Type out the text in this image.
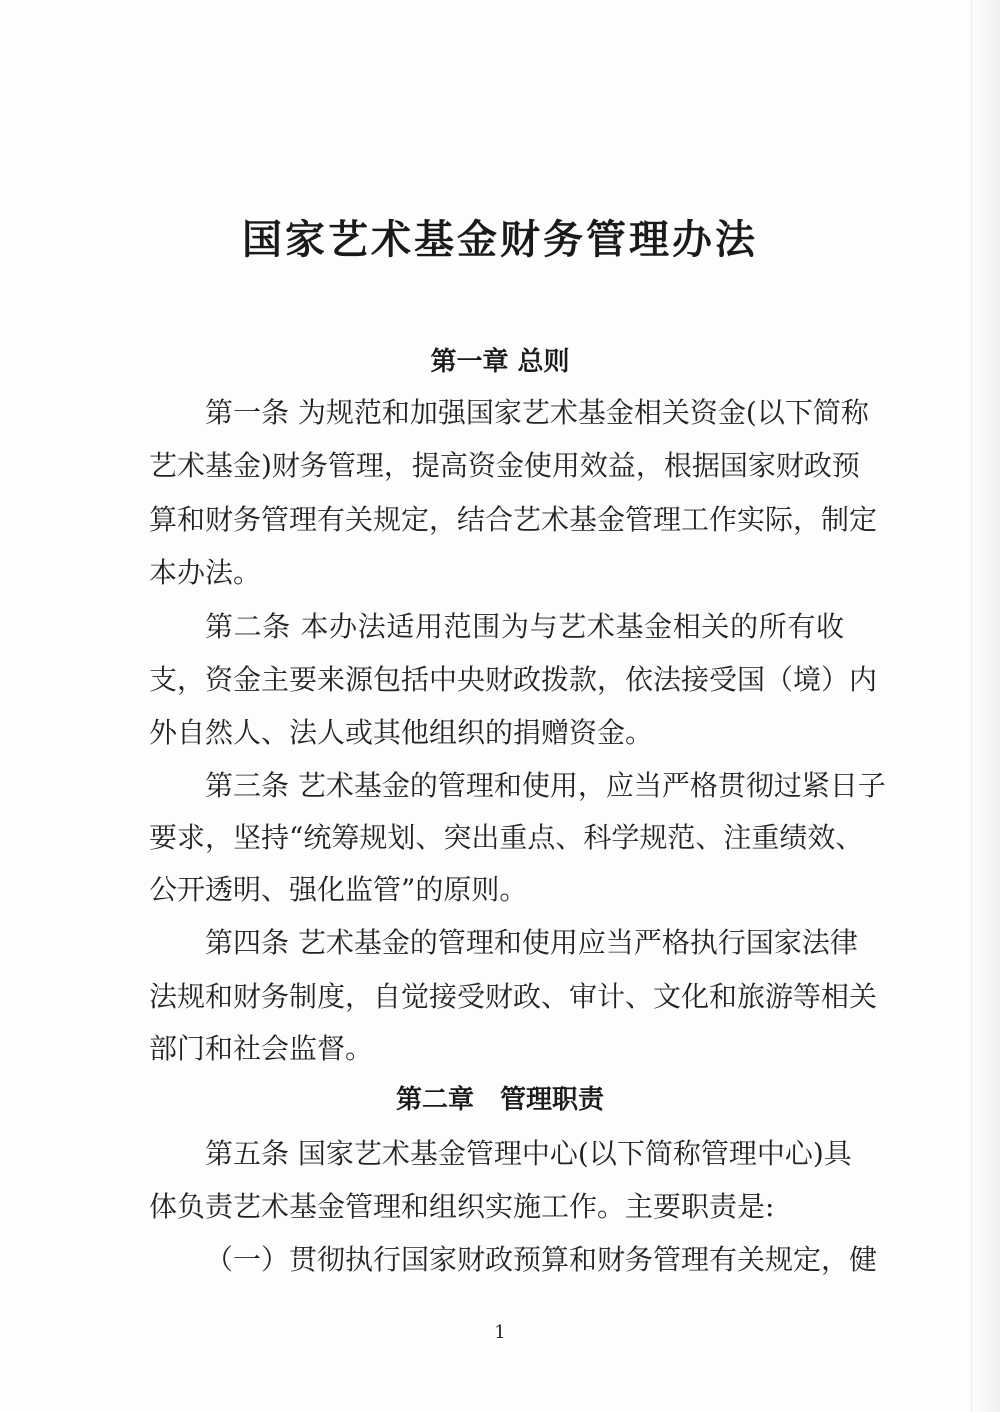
国家艺术基金财务管理办法
第一章 总则
第一条 为规范和加强国家艺术基金相关资金(以下简称
艺术基金)财务管理，提高资金使用效益，根据国家财政预
算和财务管理有关规定，结合艺术基金管理工作实际，制定
本办法。
第二条 本办法适用范围为与艺术基金相关的所有收
支，资金主要来源包括中央财政拨款，依法接受国（境）内
外自然人、法人或其他组织的捐赠资金。
第三条 艺术基金的管理和使用，应当严格贯彻过紧日子
要求，坚持“统筹规划、突出重点、科学规范、注重绩效、
公开透明、强化监管”的原则。
第四条 艺术基金的管理和使用应当严格执行国家法律
法规和财务制度，自觉接受财政、审计、文化和旅游等相关
部门和社会监督。
第二章　管理职责
第五条 国家艺术基金管理中心(以下简称管理中心)具
体负责艺术基金管理和组织实施工作。主要职责是:
（一）贯彻执行国家财政预算和财务管理有关规定，健
1
